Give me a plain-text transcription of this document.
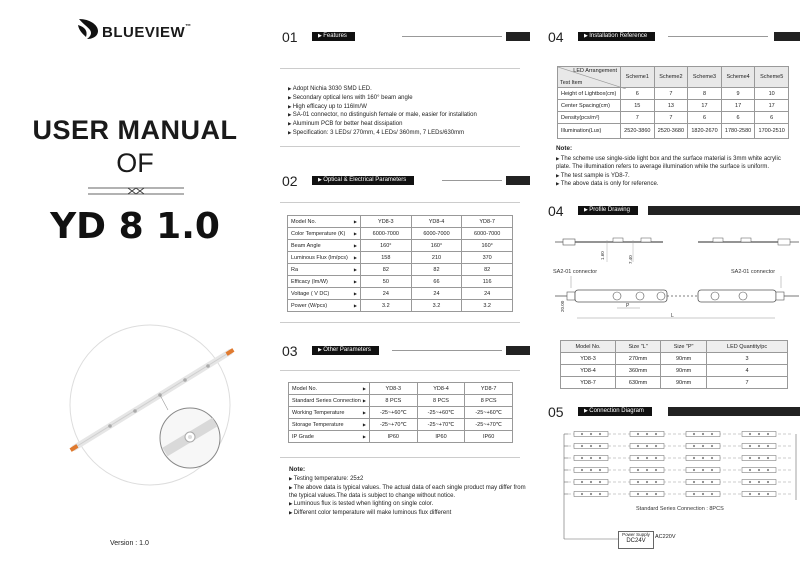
BLUEVIEW™
USER MANUAL
OF
YD 8 1.0
Version : 1.0
01	▶ Features
▶ Adopt Nichia 3030 SMD LED.
▶ Secondary optical lens with 160° beam angle
▶ High efficacy up to 116lm/W
▶ SA-01 connector, no distinguish female or male, easier for installation
▶ Aluminum PCB for better heat dissipation
▶ Specification: 3 LEDs/ 270mm, 4 LEDs/ 360mm, 7 LEDs/630mm
02	▶ Optical & Electrical Parameters
Model No. ▶	YD8-3	YD8-4	YD8-7
Color Temperature (K) ▶	6000-7000	6000-7000	6000-7000
Beam Angle ▶	160°	160°	160°
Luminous Flux (lm/pcs) ▶	158	210	370
Ra ▶	82	82	82
Efficacy (lm/W) ▶	50	66	116
Voltage ( V DC) ▶	24	24	24
Power (W/pcs) ▶	3.2	3.2	3.2
03	▶ Other Parameters
Model No. ▶	YD8-3	YD8-4	YD8-7
Standard Series Connection ▶	8 PCS	8 PCS	8 PCS
Working Temperature ▶	-25~+60℃	-25~+60℃	-25~+60℃
Storage Temperature ▶	-25~+70℃	-25~+70℃	-25~+70℃
IP Grade ▶	IP60	IP60	IP60
Note:
▶ Testing temperature: 25±2
▶ The above data is typical values. The actual data of each single product may differ from the typical values.The data is subject to change without notice.
▶ Luminous flux is tested when lighting on single color.
▶ Different color temperature will make luminous flux different
04	▶ Installation Reference
LED Arrangement
Test Item	Scheme1	Scheme2	Scheme3	Scheme4	Scheme5
Height of Lightbox(cm)	6	7	8	9	10
Center Spacing(cm)	15	13	17	17	17
Density(pcs/m²)	7	7	6	6	6
Illumination(Lux)	2520-3860	2520-3680	1820-2670	1780-2580	1700-2510
Note:
▶ The scheme use single-side light box and the surface material is 3mm white acrylic plate. The illumination refers to average illumination while the surface is uniform.
▶ The test sample is YD8-7.
▶ The above data is only for reference.
04	▶ Profile Drawing
1.60	7.40
SA2-01 connector	SA2-01 connector
20.00	P
L
Model No.	Size "L"	Size "P"	LED Quantity/pc
YD8-3	270mm	90mm	3
YD8-4	360mm	90mm	4
YD8-7	630mm	90mm	7
05	▶ Connection Diagram
Standard Series Connection : 8PCS
Power Supply
DC24V
AC220V
